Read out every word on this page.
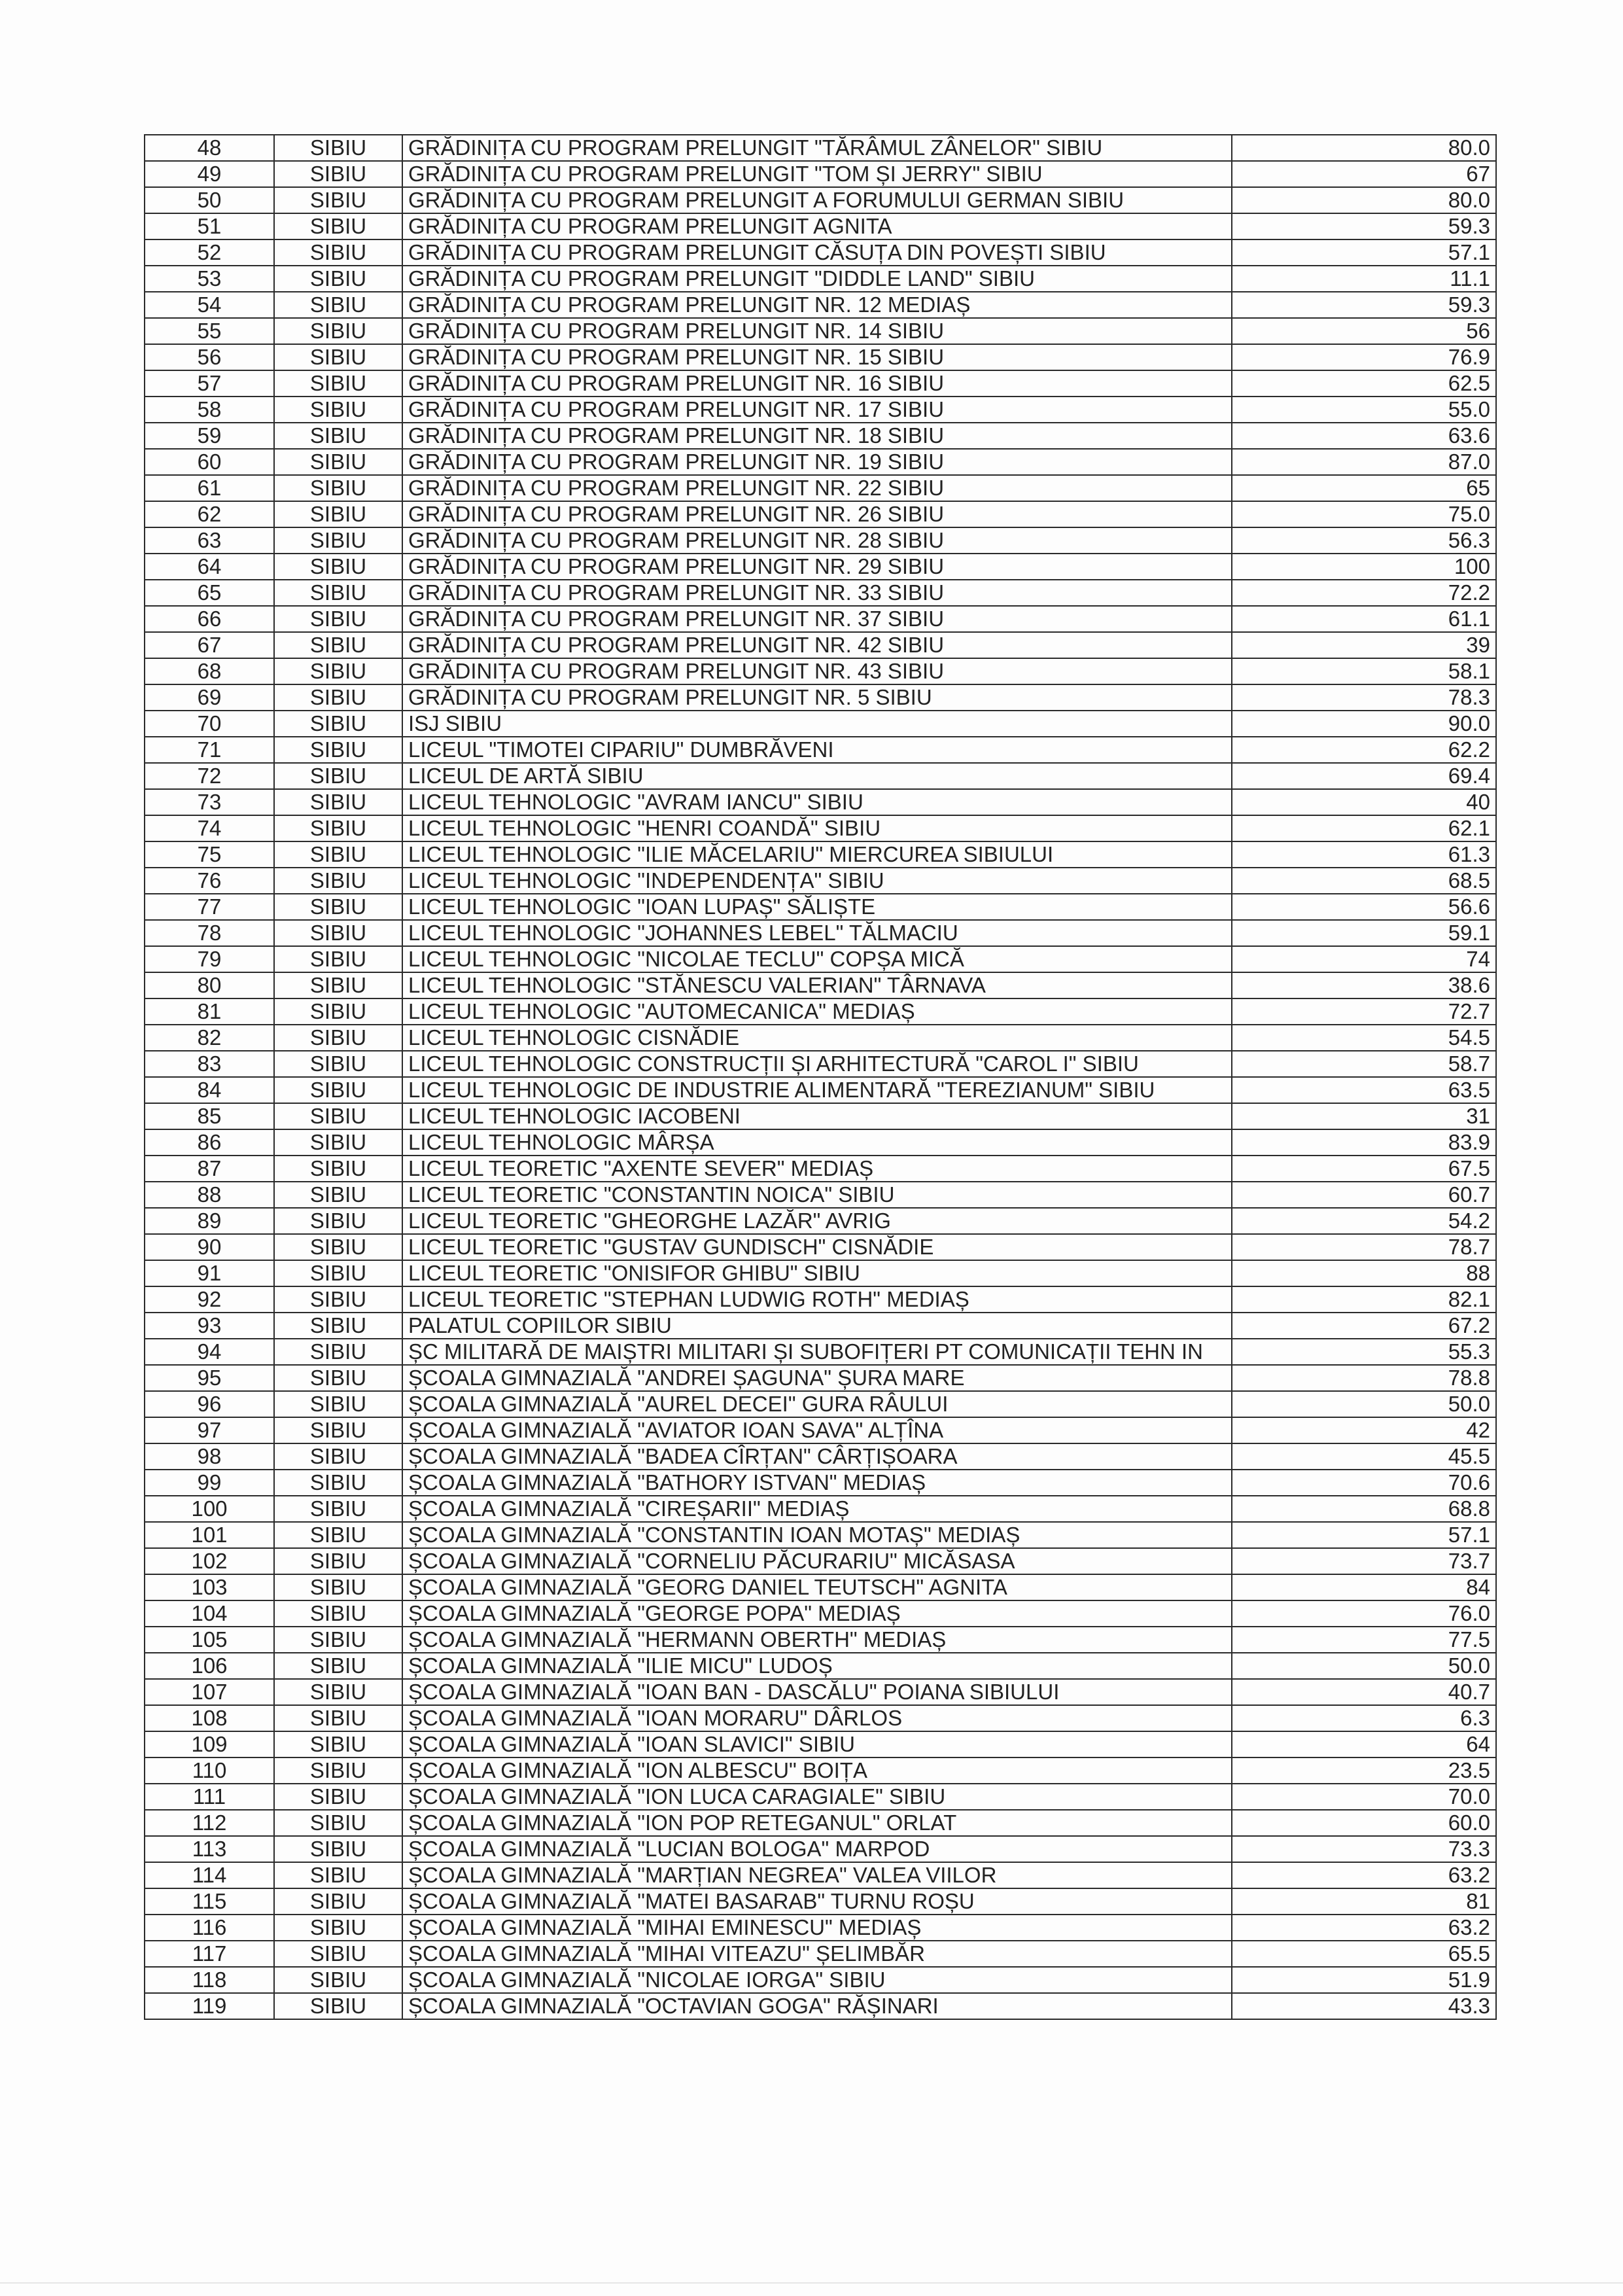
48	SIBIU	GRĂDINIȚA CU PROGRAM PRELUNGIT "TĂRÂMUL ZÂNELOR" SIBIU	80.0
49	SIBIU	GRĂDINIȚA CU PROGRAM PRELUNGIT "TOM ȘI JERRY" SIBIU	67
50	SIBIU	GRĂDINIȚA CU PROGRAM PRELUNGIT A FORUMULUI GERMAN SIBIU	80.0
51	SIBIU	GRĂDINIȚA CU PROGRAM PRELUNGIT AGNITA	59.3
52	SIBIU	GRĂDINIȚA CU PROGRAM PRELUNGIT CĂSUȚA DIN POVEȘTI SIBIU	57.1
53	SIBIU	GRĂDINIȚA CU PROGRAM PRELUNGIT "DIDDLE LAND" SIBIU	11.1
54	SIBIU	GRĂDINIȚA CU PROGRAM PRELUNGIT NR. 12 MEDIAȘ	59.3
55	SIBIU	GRĂDINIȚA CU PROGRAM PRELUNGIT NR. 14 SIBIU	56
56	SIBIU	GRĂDINIȚA CU PROGRAM PRELUNGIT NR. 15 SIBIU	76.9
57	SIBIU	GRĂDINIȚA CU PROGRAM PRELUNGIT NR. 16 SIBIU	62.5
58	SIBIU	GRĂDINIȚA CU PROGRAM PRELUNGIT NR. 17 SIBIU	55.0
59	SIBIU	GRĂDINIȚA CU PROGRAM PRELUNGIT NR. 18 SIBIU	63.6
60	SIBIU	GRĂDINIȚA CU PROGRAM PRELUNGIT NR. 19 SIBIU	87.0
61	SIBIU	GRĂDINIȚA CU PROGRAM PRELUNGIT NR. 22 SIBIU	65
62	SIBIU	GRĂDINIȚA CU PROGRAM PRELUNGIT NR. 26 SIBIU	75.0
63	SIBIU	GRĂDINIȚA CU PROGRAM PRELUNGIT NR. 28 SIBIU	56.3
64	SIBIU	GRĂDINIȚA CU PROGRAM PRELUNGIT NR. 29 SIBIU	100
65	SIBIU	GRĂDINIȚA CU PROGRAM PRELUNGIT NR. 33 SIBIU	72.2
66	SIBIU	GRĂDINIȚA CU PROGRAM PRELUNGIT NR. 37 SIBIU	61.1
67	SIBIU	GRĂDINIȚA CU PROGRAM PRELUNGIT NR. 42 SIBIU	39
68	SIBIU	GRĂDINIȚA CU PROGRAM PRELUNGIT NR. 43 SIBIU	58.1
69	SIBIU	GRĂDINIȚA CU PROGRAM PRELUNGIT NR. 5 SIBIU	78.3
70	SIBIU	ISJ SIBIU	90.0
71	SIBIU	LICEUL "TIMOTEI CIPARIU" DUMBRĂVENI	62.2
72	SIBIU	LICEUL DE ARTĂ SIBIU	69.4
73	SIBIU	LICEUL TEHNOLOGIC "AVRAM IANCU" SIBIU	40
74	SIBIU	LICEUL TEHNOLOGIC "HENRI COANDĂ" SIBIU	62.1
75	SIBIU	LICEUL TEHNOLOGIC "ILIE MĂCELARIU" MIERCUREA SIBIULUI	61.3
76	SIBIU	LICEUL TEHNOLOGIC "INDEPENDENȚA" SIBIU	68.5
77	SIBIU	LICEUL TEHNOLOGIC "IOAN LUPAȘ" SĂLIȘTE	56.6
78	SIBIU	LICEUL TEHNOLOGIC "JOHANNES LEBEL" TĂLMACIU	59.1
79	SIBIU	LICEUL TEHNOLOGIC "NICOLAE TECLU" COPȘA MICĂ	74
80	SIBIU	LICEUL TEHNOLOGIC "STĂNESCU VALERIAN" TÂRNAVA	38.6
81	SIBIU	LICEUL TEHNOLOGIC "AUTOMECANICA" MEDIAȘ	72.7
82	SIBIU	LICEUL TEHNOLOGIC CISNĂDIE	54.5
83	SIBIU	LICEUL TEHNOLOGIC CONSTRUCȚII ȘI ARHITECTURĂ "CAROL I" SIBIU	58.7
84	SIBIU	LICEUL TEHNOLOGIC DE INDUSTRIE ALIMENTARĂ "TEREZIANUM" SIBIU	63.5
85	SIBIU	LICEUL TEHNOLOGIC IACOBENI	31
86	SIBIU	LICEUL TEHNOLOGIC MÂRȘA	83.9
87	SIBIU	LICEUL TEORETIC "AXENTE SEVER" MEDIAȘ	67.5
88	SIBIU	LICEUL TEORETIC "CONSTANTIN NOICA" SIBIU	60.7
89	SIBIU	LICEUL TEORETIC "GHEORGHE LAZĂR" AVRIG	54.2
90	SIBIU	LICEUL TEORETIC "GUSTAV GUNDISCH" CISNĂDIE	78.7
91	SIBIU	LICEUL TEORETIC "ONISIFOR GHIBU" SIBIU	88
92	SIBIU	LICEUL TEORETIC "STEPHAN LUDWIG ROTH" MEDIAȘ	82.1
93	SIBIU	PALATUL COPIILOR SIBIU	67.2
94	SIBIU	ȘC MILITARĂ DE MAIȘTRI MILITARI ȘI SUBOFIȚERI PT COMUNICAȚII TEHN IN	55.3
95	SIBIU	ȘCOALA GIMNAZIALĂ "ANDREI ȘAGUNA" ȘURA MARE	78.8
96	SIBIU	ȘCOALA GIMNAZIALĂ "AUREL DECEI" GURA RÂULUI	50.0
97	SIBIU	ȘCOALA GIMNAZIALĂ "AVIATOR IOAN SAVA" ALȚÎNA	42
98	SIBIU	ȘCOALA GIMNAZIALĂ "BADEA CÎRȚAN" CÂRȚIȘOARA	45.5
99	SIBIU	ȘCOALA GIMNAZIALĂ "BATHORY ISTVAN" MEDIAȘ	70.6
100	SIBIU	ȘCOALA GIMNAZIALĂ "CIREȘARII" MEDIAȘ	68.8
101	SIBIU	ȘCOALA GIMNAZIALĂ "CONSTANTIN IOAN MOTAȘ" MEDIAȘ	57.1
102	SIBIU	ȘCOALA GIMNAZIALĂ "CORNELIU PĂCURARIU" MICĂSASA	73.7
103	SIBIU	ȘCOALA GIMNAZIALĂ "GEORG DANIEL TEUTSCH" AGNITA	84
104	SIBIU	ȘCOALA GIMNAZIALĂ "GEORGE POPA" MEDIAȘ	76.0
105	SIBIU	ȘCOALA GIMNAZIALĂ "HERMANN OBERTH" MEDIAȘ	77.5
106	SIBIU	ȘCOALA GIMNAZIALĂ "ILIE MICU" LUDOȘ	50.0
107	SIBIU	ȘCOALA GIMNAZIALĂ "IOAN BAN - DASCĂLU" POIANA SIBIULUI	40.7
108	SIBIU	ȘCOALA GIMNAZIALĂ "IOAN MORARU" DÂRLOS	6.3
109	SIBIU	ȘCOALA GIMNAZIALĂ "IOAN SLAVICI" SIBIU	64
110	SIBIU	ȘCOALA GIMNAZIALĂ "ION ALBESCU" BOIȚA	23.5
111	SIBIU	ȘCOALA GIMNAZIALĂ "ION LUCA CARAGIALE" SIBIU	70.0
112	SIBIU	ȘCOALA GIMNAZIALĂ "ION POP RETEGANUL" ORLAT	60.0
113	SIBIU	ȘCOALA GIMNAZIALĂ "LUCIAN BOLOGA" MARPOD	73.3
114	SIBIU	ȘCOALA GIMNAZIALĂ "MARȚIAN NEGREA" VALEA VIILOR	63.2
115	SIBIU	ȘCOALA GIMNAZIALĂ "MATEI BASARAB" TURNU ROȘU	81
116	SIBIU	ȘCOALA GIMNAZIALĂ "MIHAI EMINESCU" MEDIAȘ	63.2
117	SIBIU	ȘCOALA GIMNAZIALĂ "MIHAI VITEAZU" ȘELIMBĂR	65.5
118	SIBIU	ȘCOALA GIMNAZIALĂ "NICOLAE IORGA" SIBIU	51.9
119	SIBIU	ȘCOALA GIMNAZIALĂ "OCTAVIAN GOGA" RĂȘINARI	43.3
